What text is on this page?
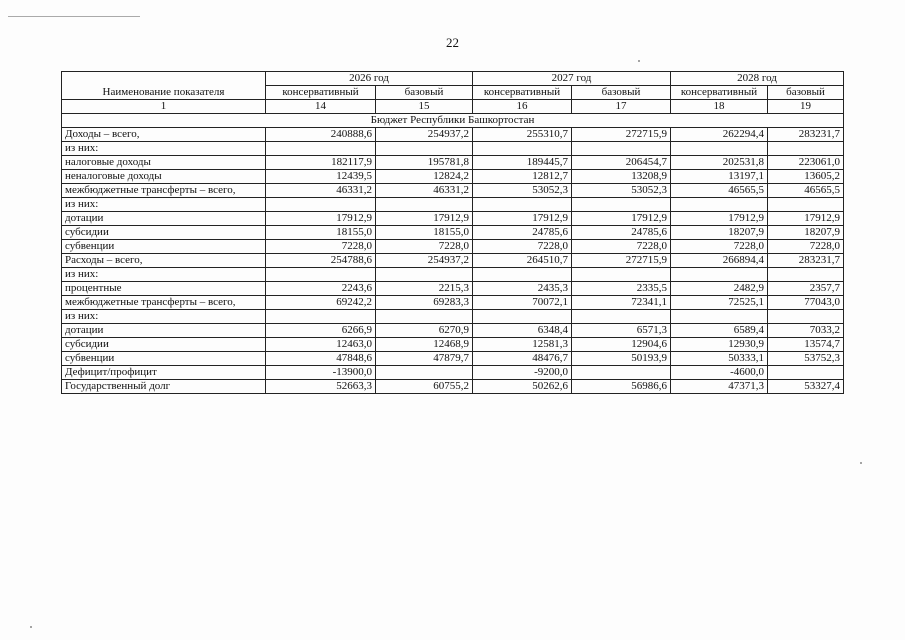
22
Наименование показателя	2026 год		2027 год		2028 год	
	консервативный	базовый	консервативный	базовый	консервативный	базовый
1	14	15	16	17	18	19
Бюджет Республики Башкортостан						
Доходы – всего,	240888,6	254937,2	255310,7	272715,9	262294,4	283231,7
из них:						
налоговые доходы	182117,9	195781,8	189445,7	206454,7	202531,8	223061,0
неналоговые доходы	12439,5	12824,2	12812,7	13208,9	13197,1	13605,2
межбюджетные трансферты – всего,	46331,2	46331,2	53052,3	53052,3	46565,5	46565,5
из них:						
дотации	17912,9	17912,9	17912,9	17912,9	17912,9	17912,9
субсидии	18155,0	18155,0	24785,6	24785,6	18207,9	18207,9
субвенции	7228,0	7228,0	7228,0	7228,0	7228,0	7228,0
Расходы – всего,	254788,6	254937,2	264510,7	272715,9	266894,4	283231,7
из них:						
процентные	2243,6	2215,3	2435,3	2335,5	2482,9	2357,7
межбюджетные трансферты – всего,	69242,2	69283,3	70072,1	72341,1	72525,1	77043,0
из них:						
дотации	6266,9	6270,9	6348,4	6571,3	6589,4	7033,2
субсидии	12463,0	12468,9	12581,3	12904,6	12930,9	13574,7
субвенции	47848,6	47879,7	48476,7	50193,9	50333,1	53752,3
Дефицит/профицит	-13900,0		-9200,0		-4600,0	
Государственный долг	52663,3	60755,2	50262,6	56986,6	47371,3	53327,4
